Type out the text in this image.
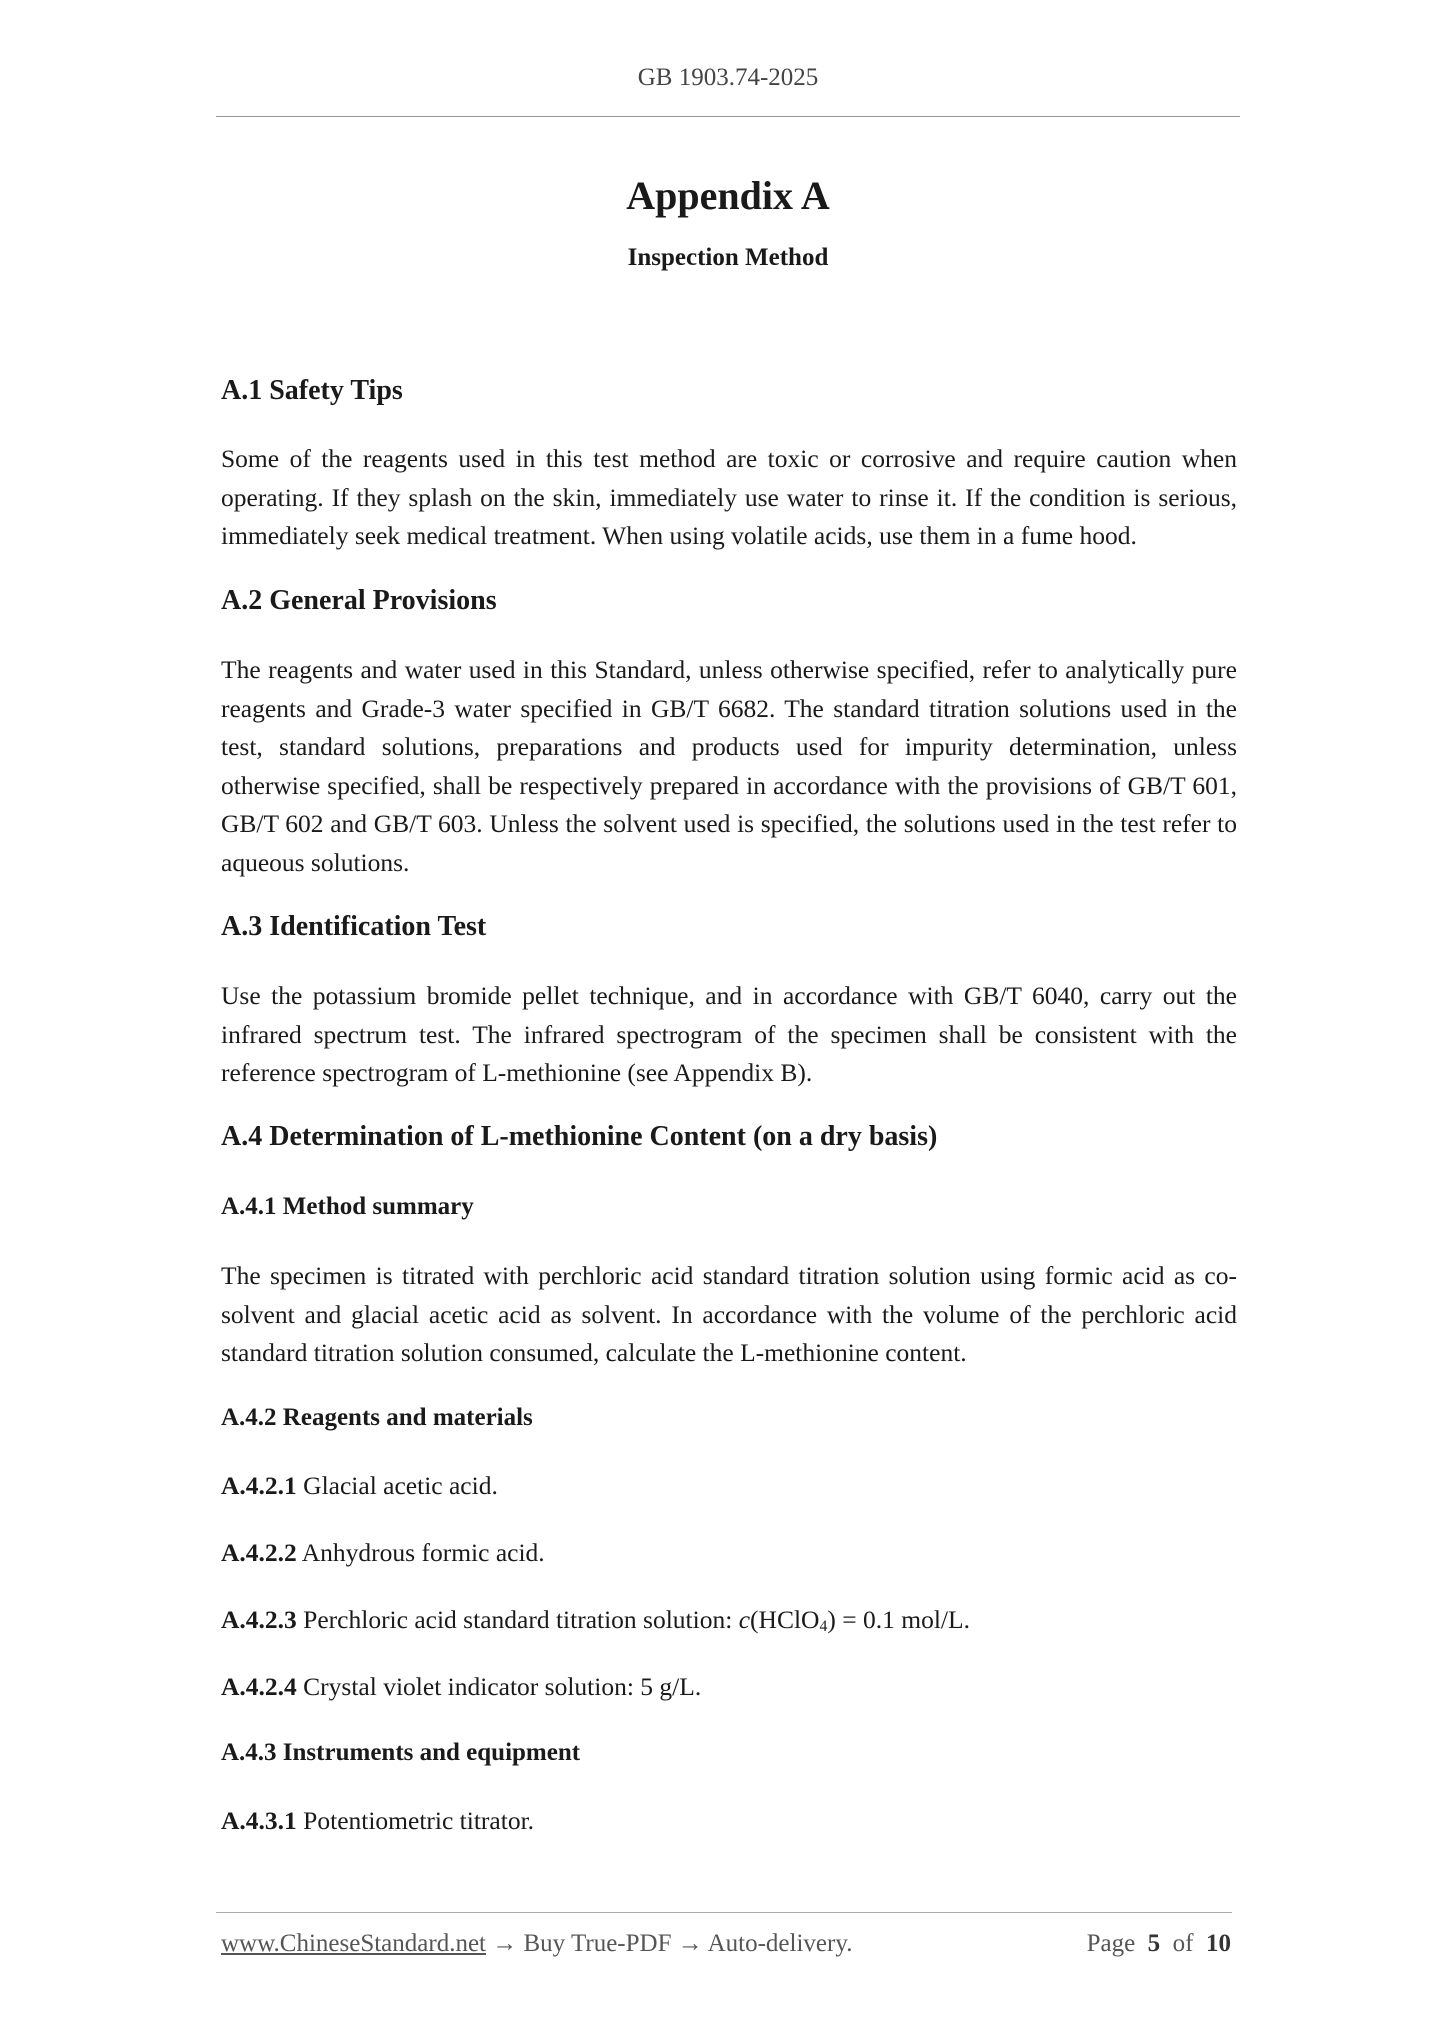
GB 1903.74-2025
Appendix A
Inspection Method
A.1 Safety Tips
Some of the reagents used in this test method are toxic or corrosive and require caution when operating. If they splash on the skin, immediately use water to rinse it. If the condition is serious, immediately seek medical treatment. When using volatile acids, use them in a fume hood.
A.2 General Provisions
The reagents and water used in this Standard, unless otherwise specified, refer to analytically pure reagents and Grade-3 water specified in GB/T 6682. The standard titration solutions used in the test, standard solutions, preparations and products used for impurity determination, unless otherwise specified, shall be respectively prepared in accordance with the provisions of GB/T 601, GB/T 602 and GB/T 603. Unless the solvent used is specified, the solutions used in the test refer to aqueous solutions.
A.3 Identification Test
Use the potassium bromide pellet technique, and in accordance with GB/T 6040, carry out the infrared spectrum test. The infrared spectrogram of the specimen shall be consistent with the reference spectrogram of L-methionine (see Appendix B).
A.4 Determination of L-methionine Content (on a dry basis)
A.4.1 Method summary
The specimen is titrated with perchloric acid standard titration solution using formic acid as co-solvent and glacial acetic acid as solvent. In accordance with the volume of the perchloric acid standard titration solution consumed, calculate the L-methionine content.
A.4.2 Reagents and materials
A.4.2.1 Glacial acetic acid.
A.4.2.2 Anhydrous formic acid.
A.4.2.3 Perchloric acid standard titration solution: c(HClO$_4$) = 0.1 mol/L.
A.4.2.4 Crystal violet indicator solution: 5 g/L.
A.4.3 Instruments and equipment
A.4.3.1 Potentiometric titrator.
www.ChineseStandard.net → Buy True-PDF → Auto-delivery.	Page 5 of 10
